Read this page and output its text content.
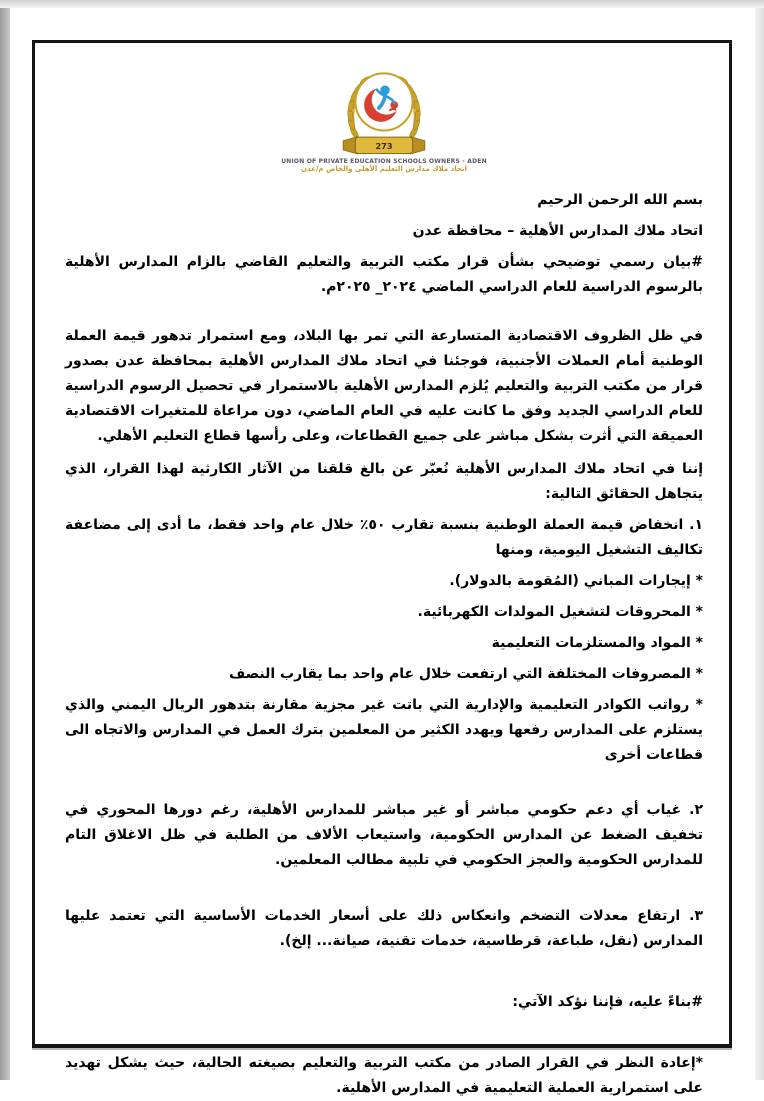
273
UNION OF PRIVATE EDUCATION SCHOOLS OWNERS - ADEN
اتحاد ملاك مدارس التعليم الأهلي والخاص م/عدن

بسم الله الرحمن الرحيم

اتحاد ملاك المدارس الأهلية – محافظة عدن

#بيان رسمي توضيحي بشأن قرار مكتب التربية والتعليم القاضي بالزام المدارس الأهلية بالرسوم الدراسية للعام الدراسي الماضي ٢٠٢٤_ ٢٠٢٥م.

في ظل الظروف الاقتصادية المتسارعة التي تمر بها البلاد، ومع استمرار تدهور قيمة العملة الوطنية أمام العملات الأجنبية، فوجئنا في اتحاد ملاك المدارس الأهلية بمحافظة عدن بصدور قرار من مكتب التربية والتعليم يُلزم المدارس الأهلية بالاستمرار في تحصيل الرسوم الدراسية للعام الدراسي الجديد وفق ما كانت عليه في العام الماضي، دون مراعاة للمتغيرات الاقتصادية العميقة التي أثرت بشكل مباشر على جميع القطاعات، وعلى رأسها قطاع التعليم الأهلي.

إننا في اتحاد ملاك المدارس الأهلية نُعبّر عن بالغ قلقنا من الآثار الكارثية لهذا القرار، الذي يتجاهل الحقائق التالية:

١. انخفاض قيمة العملة الوطنية بنسبة تقارب ٥٠٪ خلال عام واحد فقط، ما أدى إلى مضاعفة تكاليف التشغيل اليومية، ومنها

* إيجارات المباني (المُقومة بالدولار).

* المحروقات لتشغيل المولدات الكهربائية.

* المواد والمستلزمات التعليمية

* المصروفات المختلفة التي ارتفعت خلال عام واحد بما يقارب النصف

* رواتب الكوادر التعليمية والإدارية التي باتت غير مجزية مقارنة بتدهور الريال اليمني والذي يستلزم على المدارس رفعها ويهدد الكثير من المعلمين بترك العمل في المدارس والاتجاه الى قطاعات أخرى

٢. غياب أي دعم حكومي مباشر أو غير مباشر للمدارس الأهلية، رغم دورها المحوري في تخفيف الضغط عن المدارس الحكومية، واستيعاب الألاف من الطلبة في ظل الاغلاق التام للمدارس الحكومية والعجز الحكومي في تلبية مطالب المعلمين.

٣. ارتفاع معدلات التضخم وانعكاس ذلك على أسعار الخدمات الأساسية التي تعتمد عليها المدارس (نقل، طباعة، قرطاسية، خدمات تقنية، صيانة... إلخ).

#بناءً عليه، فإننا نؤكد الآتي:

*إعادة النظر في القرار الصادر من مكتب التربية والتعليم بصيغته الحالية، حيث يشكل تهديد على استمرارية العملية التعليمية في المدارس الأهلية.
